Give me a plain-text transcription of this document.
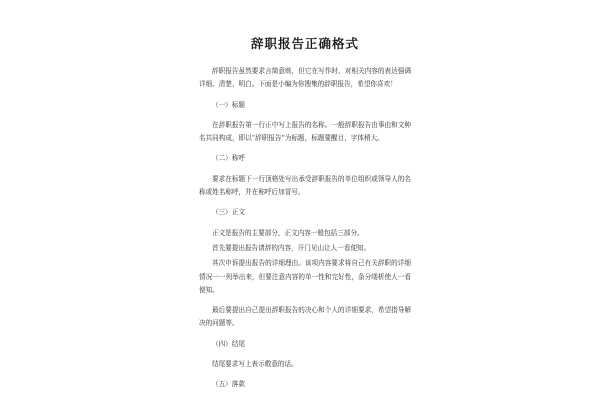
辞职报告正确格式

辞职报告虽然要求言简意赅，但它在写作时，对相关内容的表达强调详细、清楚、明白。下面是小编为你搜集的辞职报告，希望你喜欢！

（一）标题

在辞职报告第一行正中写上报告的名称。一般辞职报告由事由和文种名共同构成，即以“辞职报告”为标题，标题要醒目，字体稍大。

（二）称呼

要求在标题下一行顶格处写出承受辞职报告的单位组织或领导人的名称或姓名称呼，并在称呼后加冒号。

（三）正文

正文是报告的主要部分，正文内容一般包括三部分。

首先要提出报告请辞的内容，开门见山让人一看便知。

其次申诉提出报告的详细理由。该项内容要求将自己有关辞职的详细情况一一列举出来，但要注意内容的单一性和完好性，条分缕析使人一看便知。

最后要提出自己提出辞职报告的决心和个人的详细要求，希望指导解决的问题等。

（四）结尾

结尾要求写上表示敬意的话。

（五）落款
